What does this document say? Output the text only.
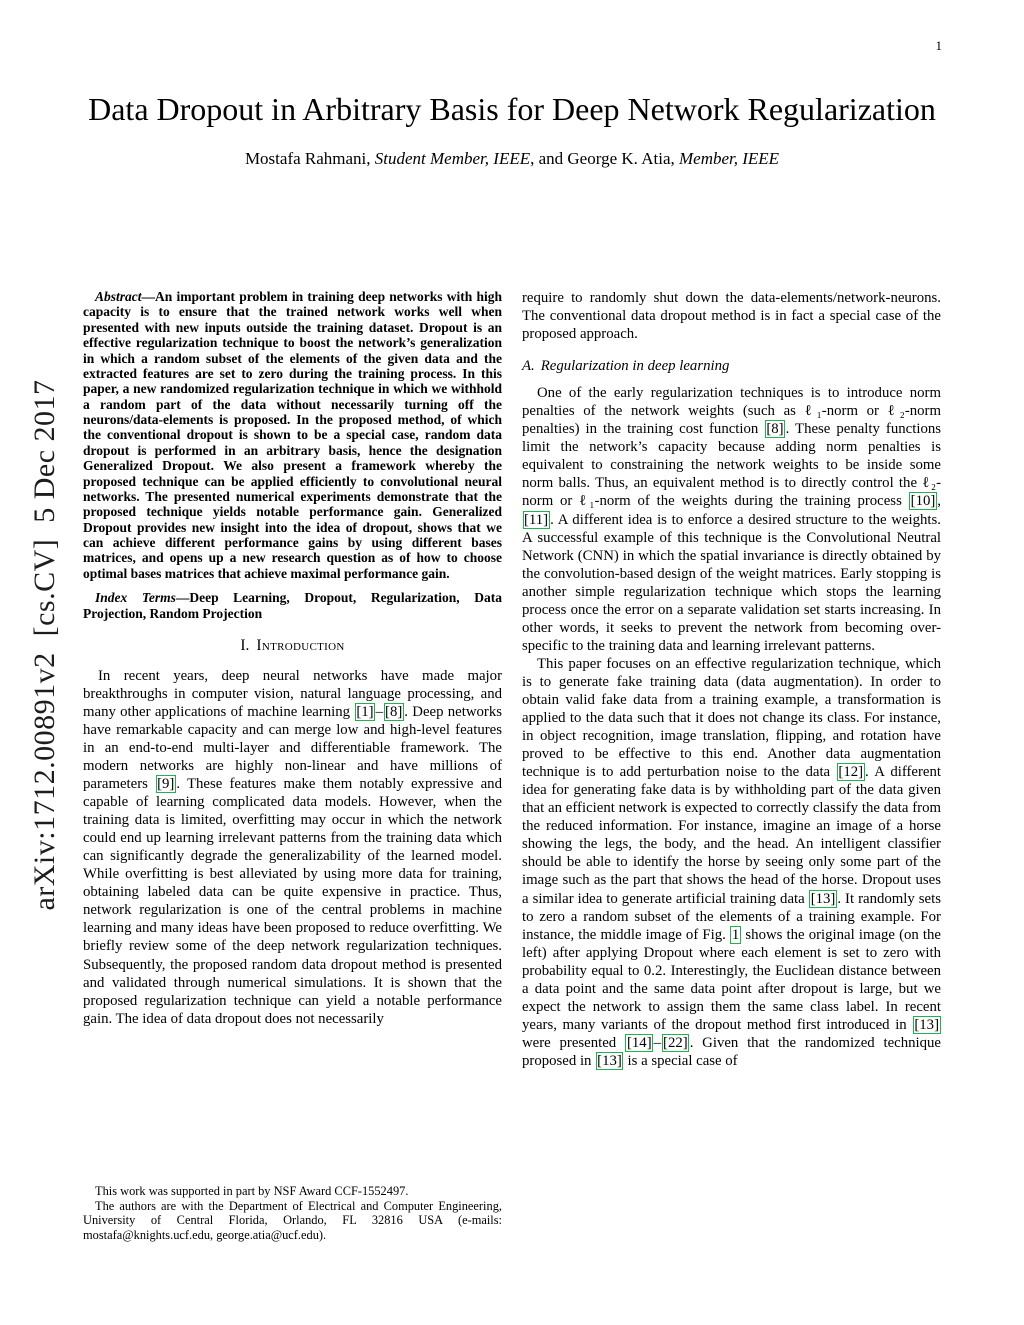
1
arXiv:1712.00891v2  [cs.CV]  5 Dec 2017
Data Dropout in Arbitrary Basis for Deep Network Regularization
Mostafa Rahmani, Student Member, IEEE, and George K. Atia, Member, IEEE

Abstract—An important problem in training deep networks with high capacity is to ensure that the trained network works well when presented with new inputs outside the training dataset. Dropout is an effective regularization technique to boost the network’s generalization in which a random subset of the elements of the given data and the extracted features are set to zero during the training process. In this paper, a new randomized regularization technique in which we withhold a random part of the data without necessarily turning off the neurons/data-elements is proposed. In the proposed method, of which the conventional dropout is shown to be a special case, random data dropout is performed in an arbitrary basis, hence the designation Generalized Dropout. We also present a framework whereby the proposed technique can be applied efficiently to convolutional neural networks. The presented numerical experiments demonstrate that the proposed technique yields notable performance gain. Generalized Dropout provides new insight into the idea of dropout, shows that we can achieve different performance gains by using different bases matrices, and opens up a new research question as of how to choose optimal bases matrices that achieve maximal performance gain.

Index Terms—Deep Learning, Dropout, Regularization, Data Projection, Random Projection

I. Introduction

In recent years, deep neural networks have made major breakthroughs in computer vision, natural language processing, and many other applications of machine learning [1] – [8] . Deep networks have remarkable capacity and can merge low and high-level features in an end-to-end multi-layer and differentiable framework. The modern networks are highly non-linear and have millions of parameters [9] . These features make them notably expressive and capable of learning complicated data models. However, when the training data is limited, overfitting may occur in which the network could end up learning irrelevant patterns from the training data which can significantly degrade the generalizability of the learned model. While overfitting is best alleviated by using more data for training, obtaining labeled data can be quite expensive in practice. Thus, network regularization is one of the central problems in machine learning and many ideas have been proposed to reduce overfitting. We briefly review some of the deep network regularization techniques. Subsequently, the proposed random data dropout method is presented and validated through numerical simulations. It is shown that the proposed regularization technique can yield a notable performance gain. The idea of data dropout does not necessarily

require to randomly shut down the data-elements/network-neurons. The conventional data dropout method is in fact a special case of the proposed approach.

A. Regularization in deep learning

One of the early regularization techniques is to introduce norm penalties of the network weights (such as ℓ₁-norm or ℓ₂-norm penalties) in the training cost function [8] . These penalty functions limit the network’s capacity because adding norm penalties is equivalent to constraining the network weights to be inside some norm balls. Thus, an equivalent method is to directly control the ℓ₂-norm or ℓ₁-norm of the weights during the training process [10] , [11] . A different idea is to enforce a desired structure to the weights. A successful example of this technique is the Convolutional Neutral Network (CNN) in which the spatial invariance is directly obtained by the convolution-based design of the weight matrices. Early stopping is another simple regularization technique which stops the learning process once the error on a separate validation set starts increasing. In other words, it seeks to prevent the network from becoming over-specific to the training data and learning irrelevant patterns.

This paper focuses on an effective regularization technique, which is to generate fake training data (data augmentation). In order to obtain valid fake data from a training example, a transformation is applied to the data such that it does not change its class. For instance, in object recognition, image translation, flipping, and rotation have proved to be effective to this end. Another data augmentation technique is to add perturbation noise to the data [12] . A different idea for generating fake data is by withholding part of the data given that an efficient network is expected to correctly classify the data from the reduced information. For instance, imagine an image of a horse showing the legs, the body, and the head. An intelligent classifier should be able to identify the horse by seeing only some part of the image such as the part that shows the head of the horse. Dropout uses a similar idea to generate artificial training data [13] . It randomly sets to zero a random subset of the elements of a training example. For instance, the middle image of Fig. 1 shows the original image (on the left) after applying Dropout where each element is set to zero with probability equal to 0.2. Interestingly, the Euclidean distance between a data point and the same data point after dropout is large, but we expect the network to assign them the same class label. In recent years, many variants of the dropout method first introduced in [13] were presented [14] – [22] . Given that the randomized technique proposed in [13] is a special case of

This work was supported in part by NSF Award CCF-1552497.

The authors are with the Department of Electrical and Computer Engineering, University of Central Florida, Orlando, FL 32816 USA (e-mails: mostafa@knights.ucf.edu, george.atia@ucf.edu).
